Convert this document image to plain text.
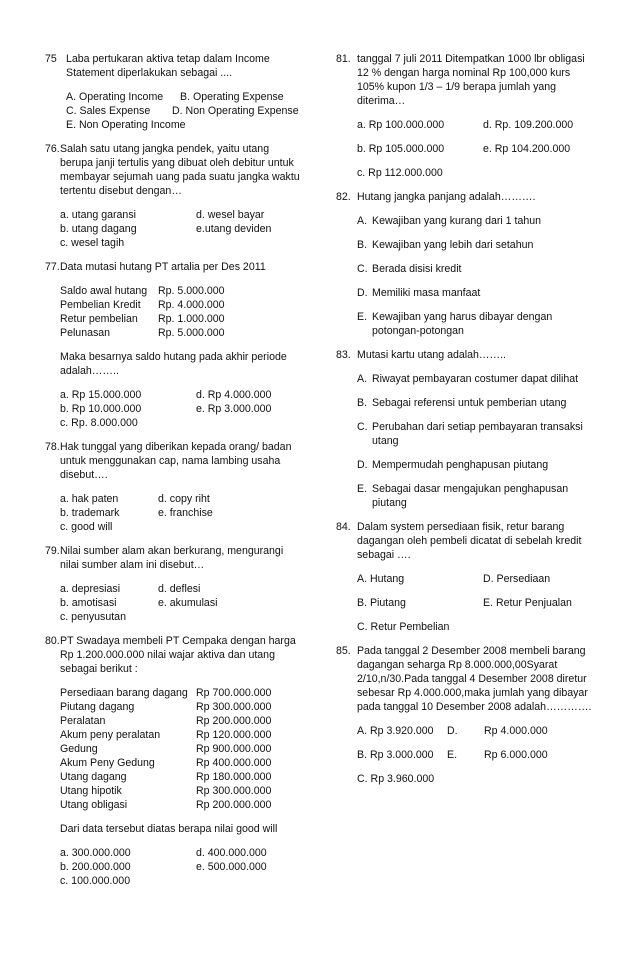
75 Laba pertukaran aktiva tetap dalam Income
Statement diperlakukan sebagai ....
A. Operating Income	B. Operating Expense
C. Sales Expense	D. Non Operating Expense
E. Non Operating Income
76. Salah satu utang jangka pendek, yaitu utang
berupa janji tertulis yang dibuat oleh debitur untuk
membayar sejumah uang pada suatu jangka waktu
tertentu disebut dengan…
a. utang garansi	d. wesel bayar
b. utang dagang	e.utang deviden
c. wesel tagih
77. Data mutasi hutang PT artalia per Des 2011
Saldo awal hutang	Rp. 5.000.000
Pembelian Kredit	Rp. 4.000.000
Retur pembelian	Rp. 1.000.000
Pelunasan	Rp. 5.000.000
Maka besarnya saldo hutang pada akhir periode
adalah……..
a. Rp 15.000.000	d. Rp 4.000.000
b. Rp 10.000.000	e. Rp 3.000.000
c. Rp. 8.000.000
78. Hak tunggal yang diberikan kepada orang/ badan
untuk menggunakan cap, nama lambing usaha
disebut….
a. hak paten	d. copy riht
b. trademark	e. franchise
c. good will
79. Nilai sumber alam akan berkurang, mengurangi
nilai sumber alam ini disebut…
a. depresiasi	d. deflesi
b. amotisasi	e. akumulasi
c. penyusutan
80. PT Swadaya membeli PT Cempaka dengan harga
Rp 1.200.000.000 nilai wajar aktiva dan utang
sebagai berikut :
Persediaan barang dagang Rp 700.000.000
Piutang dagang	Rp 300.000.000
Peralatan	Rp 200.000.000
Akum peny peralatan	Rp 120.000.000
Gedung	Rp 900.000.000
Akum Peny Gedung	Rp 400.000.000
Utang dagang	Rp 180.000.000
Utang hipotik	Rp 300.000.000
Utang obligasi	Rp 200.000.000
Dari data tersebut diatas berapa nilai good will
a. 300.000.000	d. 400.000.000
b. 200.000.000	e. 500.000.000
c. 100.000.000
81. tanggal 7 juli 2011 Ditempatkan 1000 lbr obligasi
12 % dengan harga nominal Rp 100,000 kurs
105% kupon 1/3 – 1/9 berapa jumlah yang
diterima…
a. Rp 100.000.000	d. Rp. 109.200.000
b. Rp 105.000.000	e. Rp 104.200.000
c. Rp 112.000.000
82. Hutang jangka panjang adalah……….
A. Kewajiban yang kurang dari 1 tahun
B. Kewajiban yang lebih dari setahun
C. Berada disisi kredit
D. Memiliki masa manfaat
E. Kewajiban yang harus dibayar dengan
potongan-potongan
83. Mutasi kartu utang adalah……..
A. Riwayat pembayaran costumer dapat dilihat
B. Sebagai referensi untuk pemberian utang
C. Perubahan dari setiap pembayaran transaksi
utang
D. Mempermudah penghapusan piutang
E. Sebagai dasar mengajukan penghapusan
piutang
84. Dalam system persediaan fisik, retur barang
dagangan oleh pembeli dicatat di sebelah kredit
sebagai ….
A. Hutang	D. Persediaan
B. Piutang	E. Retur Penjualan
C. Retur Pembelian
85. Pada tanggal 2 Desember 2008 membeli barang
dagangan seharga Rp 8.000.000,00Syarat
2/10,n/30.Pada tanggal 4 Desember 2008 diretur
sebesar Rp 4.000.000,maka jumlah yang dibayar
pada tanggal 10 Desember 2008 adalah………….
A. Rp 3.920.000	D.	Rp 4.000.000
B. Rp 3.000.000	E.	Rp 6.000.000
C. Rp 3.960.000
